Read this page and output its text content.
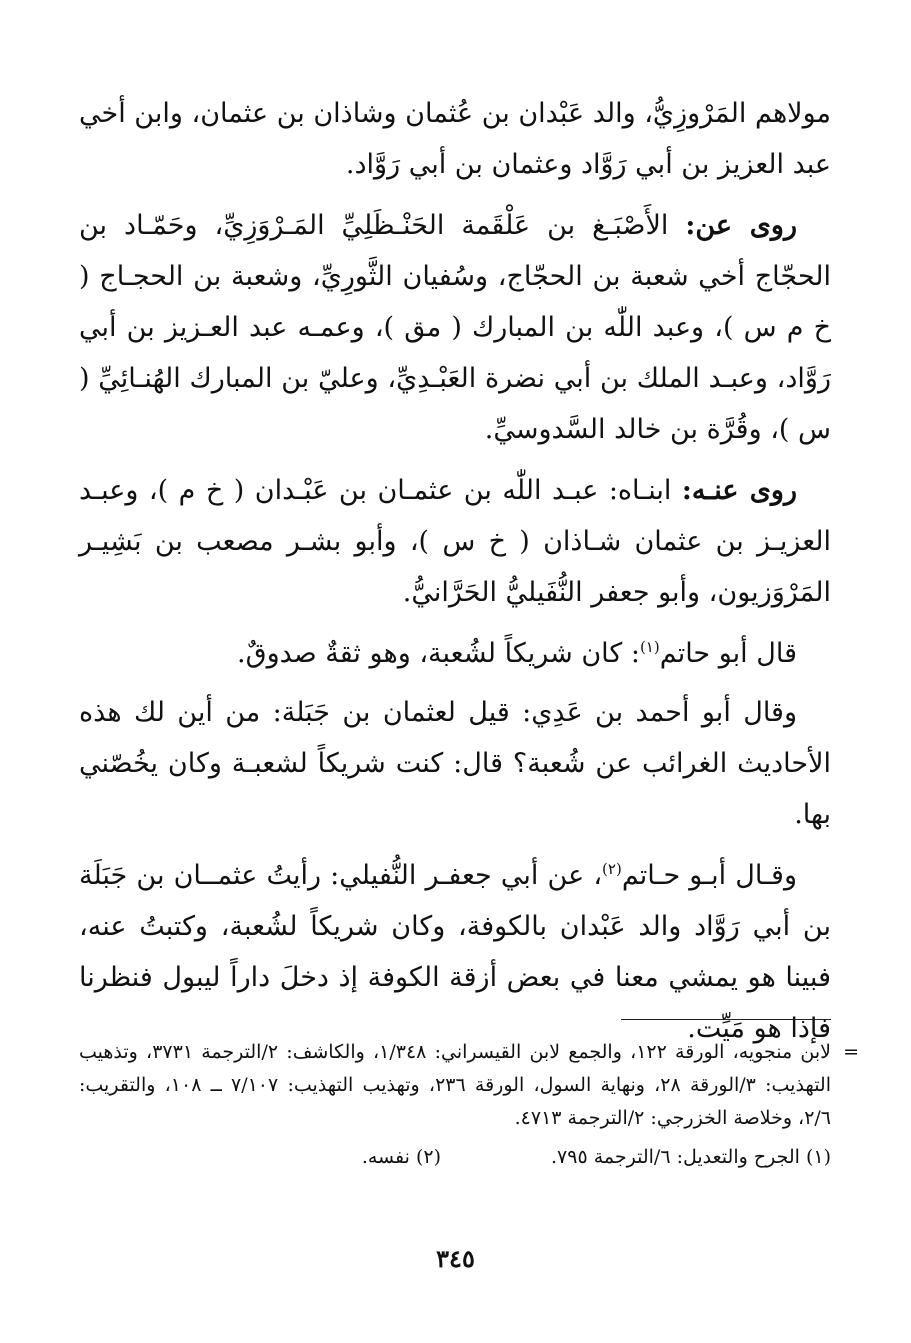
مولاهم المَرْوزِيُّ، والد عَبْدان بن عُثمان وشاذان بن عثمان، وابن أخي عبد العزيز بن أبي رَوَّاد وعثمان بن أبي رَوَّاد.

روى عن: الأَصْبَـغ بن عَلْقَمة الحَنْـظَلِيِّ المَـرْوَزِيِّ، وحَمّـاد بن الحجّاج أخي شعبة بن الحجّاج، وسُفيان الثَّورِيِّ، وشعبة بن الحجـاج ( خ م س )، وعبد اللّٰه بن المبارك ( مق )، وعمـه عبد العـزيز بن أبي رَوَّاد، وعبـد الملك بن أبي نضرة العَبْـدِيِّ، وعليّ بن المبارك الهُنـائِيِّ ( س )، وقُرَّة بن خالد السَّدوسيِّ.

روى عنـه: ابنـاه: عبـد اللّٰه بن عثمـان بن عَبْـدان ( خ م )، وعبـد العزيـز بن عثمان شـاذان ( خ س )، وأبو بشـر مصعب بن بَشِيـر المَرْوَزيون، وأبو جعفر النُّفَيليُّ الحَرَّانيُّ.

قال أبو حاتم$^{(١)}$: كان شريكاً لشُعبة، وهو ثقةٌ صدوقٌ.

وقال أبو أحمد بن عَدِي: قيل لعثمان بن جَبَلة: من أين لك هذه الأحاديث الغرائب عن شُعبة؟ قال: كنت شريكاً لشعبـة وكان يخُصّني بها.

وقـال أبـو حـاتم$^{(٢)}$، عن أبي جعفـر النُّفيلي: رأيتُ عثمــان بن جَبَلَة بن أبي رَوَّاد والد عَبْدان بالكوفة، وكان شريكاً لشُعبة، وكتبتُ عنه، فبينا هو يمشي معنا في بعض أزقة الكوفة إذ دخلَ داراً ليبول فنظرنا فإذا هو مَيِّت.

=

لابن منجويه، الورقة ١٢٢، والجمع لابن القيسراني: ١/٣٤٨، والكاشف: ٢/الترجمة ٣٧٣١، وتذهيب التهذيب: ٣/الورقة ٢٨، ونهاية السول، الورقة ٢٣٦، وتهذيب التهذيب: ٧/١٠٧ ــ ١٠٨، والتقريب: ٢/٦، وخلاصة الخزرجي: ٢/الترجمة ٤٧١٣.

(١) الجرح والتعديل: ٦/الترجمة ٧٩٥.
(٢) نفسه.
٣٤٥
